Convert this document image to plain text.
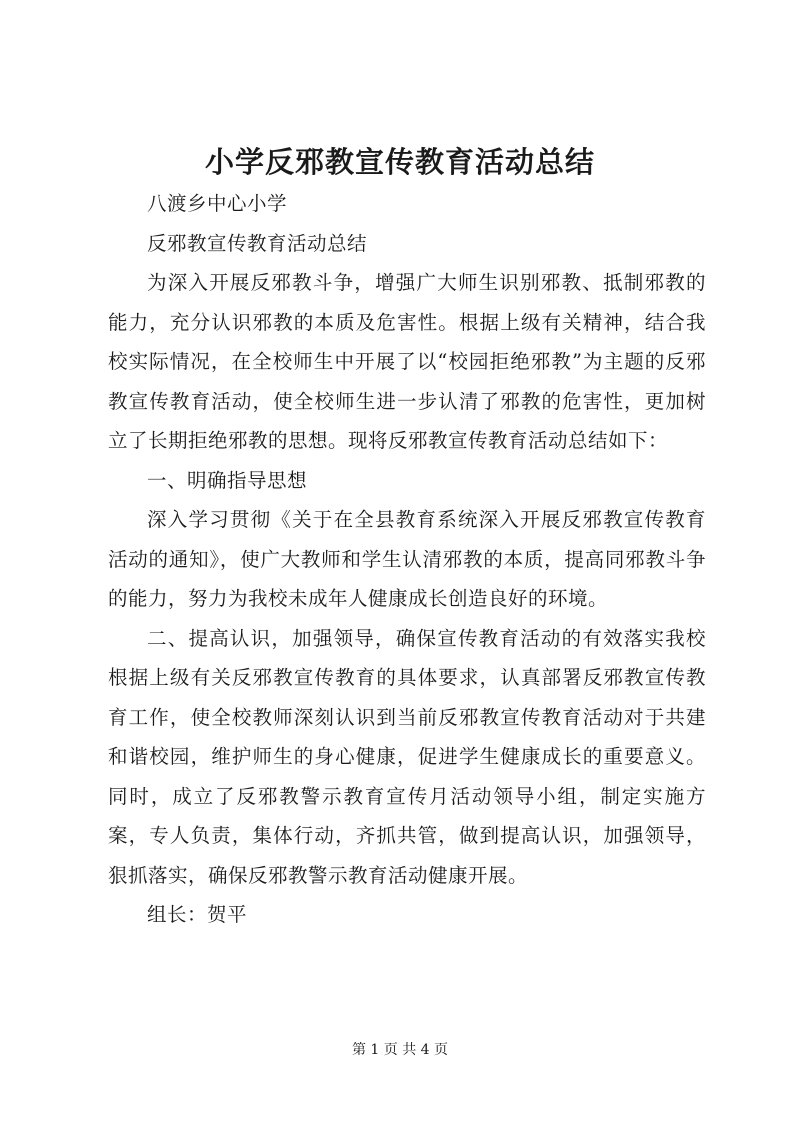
小学反邪教宣传教育活动总结

八渡乡中心小学

反邪教宣传教育活动总结

为深入开展反邪教斗争，增强广大师生识别邪教、抵制邪教的能力，充分认识邪教的本质及危害性。根据上级有关精神，结合我校实际情况，在全校师生中开展了以“校园拒绝邪教”为主题的反邪教宣传教育活动，使全校师生进一步认清了邪教的危害性，更加树立了长期拒绝邪教的思想。现将反邪教宣传教育活动总结如下：

一、明确指导思想

深入学习贯彻《关于在全县教育系统深入开展反邪教宣传教育活动的通知》，使广大教师和学生认清邪教的本质，提高同邪教斗争的能力，努力为我校未成年人健康成长创造良好的环境。

二、提高认识，加强领导，确保宣传教育活动的有效落实我校根据上级有关反邪教宣传教育的具体要求，认真部署反邪教宣传教育工作，使全校教师深刻认识到当前反邪教宣传教育活动对于共建和谐校园，维护师生的身心健康，促进学生健康成长的重要意义。同时，成立了反邪教警示教育宣传月活动领导小组，制定实施方案，专人负责，集体行动，齐抓共管，做到提高认识，加强领导，狠抓落实，确保反邪教警示教育活动健康开展。

组长：贺平

第 1 页 共 4 页
